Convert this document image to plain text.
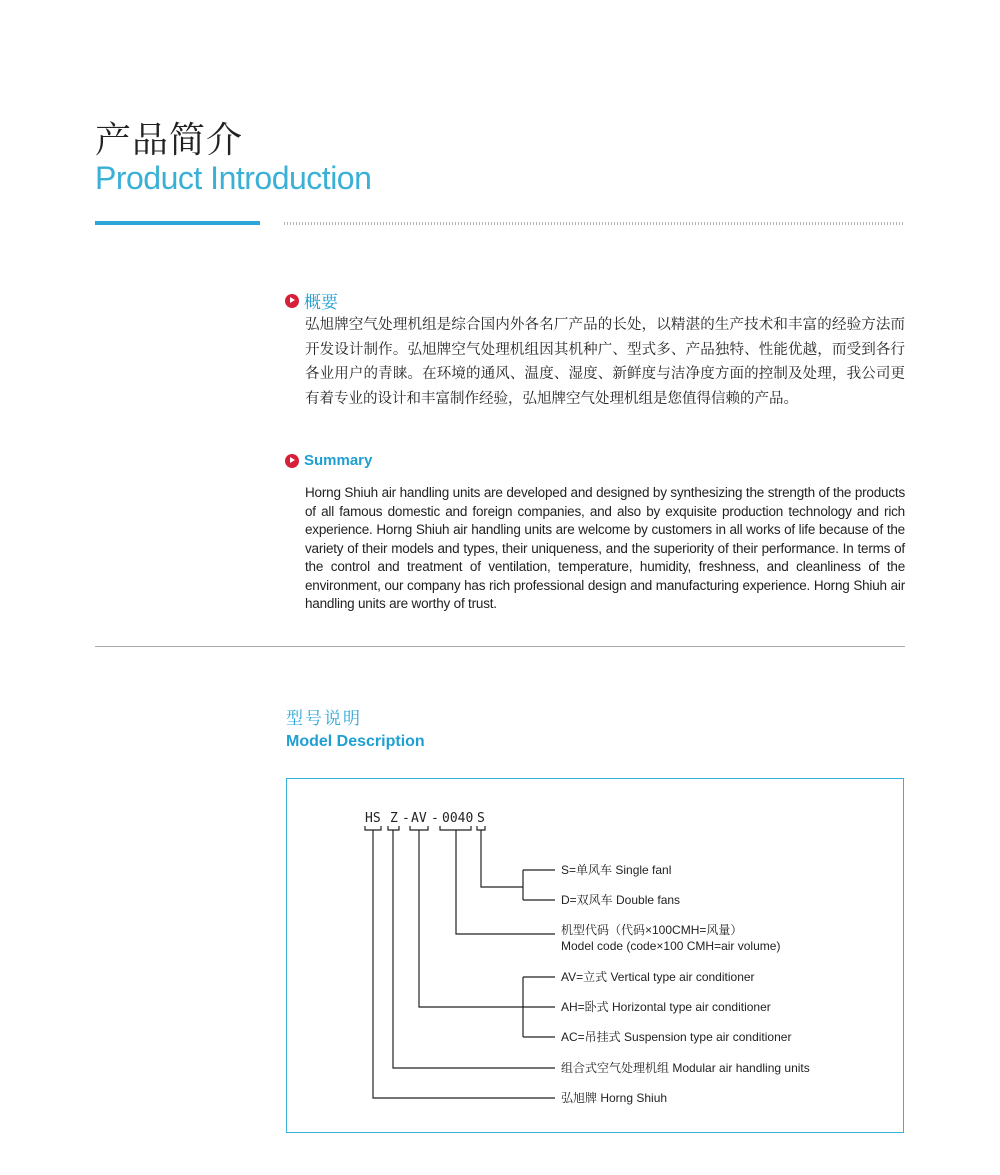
产品简介
Product Introduction
概要
弘旭牌空气处理机组是综合国内外各名厂产品的长处，以精湛的生产技术和丰富的经验方法而开发设计制作。弘旭牌空气处理机组因其机种广、型式多、产品独特、性能优越，而受到各行各业用户的青睐。在环境的通风、温度、湿度、新鲜度与洁净度方面的控制及处理，我公司更有着专业的设计和丰富制作经验，弘旭牌空气处理机组是您值得信赖的产品。
Summary
Horng Shiuh air handling units are developed and designed by synthesizing the strength of the products of all famous domestic and foreign companies, and also by exquisite production technology and rich experience. Horng Shiuh air handling units are welcome by customers in all works of life because of the variety of their models and types, their uniqueness, and the superiority of their performance. In terms of the control and treatment of ventilation, temperature, humidity, freshness, and cleanliness of the environment, our company has rich professional design and manufacturing experience. Horng Shiuh air handling units are worthy of trust.
型号说明
Model Description
HS Z - AV - 0040 S
S=单风车 Single fanl
D=双风车 Double fans
机型代码（代码×100CMH=风量）
Model code (code×100 CMH=air volume)
AV=立式 Vertical type air conditioner
AH=卧式 Horizontal type air conditioner
AC=吊挂式 Suspension type air conditioner
组合式空气处理机组 Modular air handling units
弘旭牌 Horng Shiuh
